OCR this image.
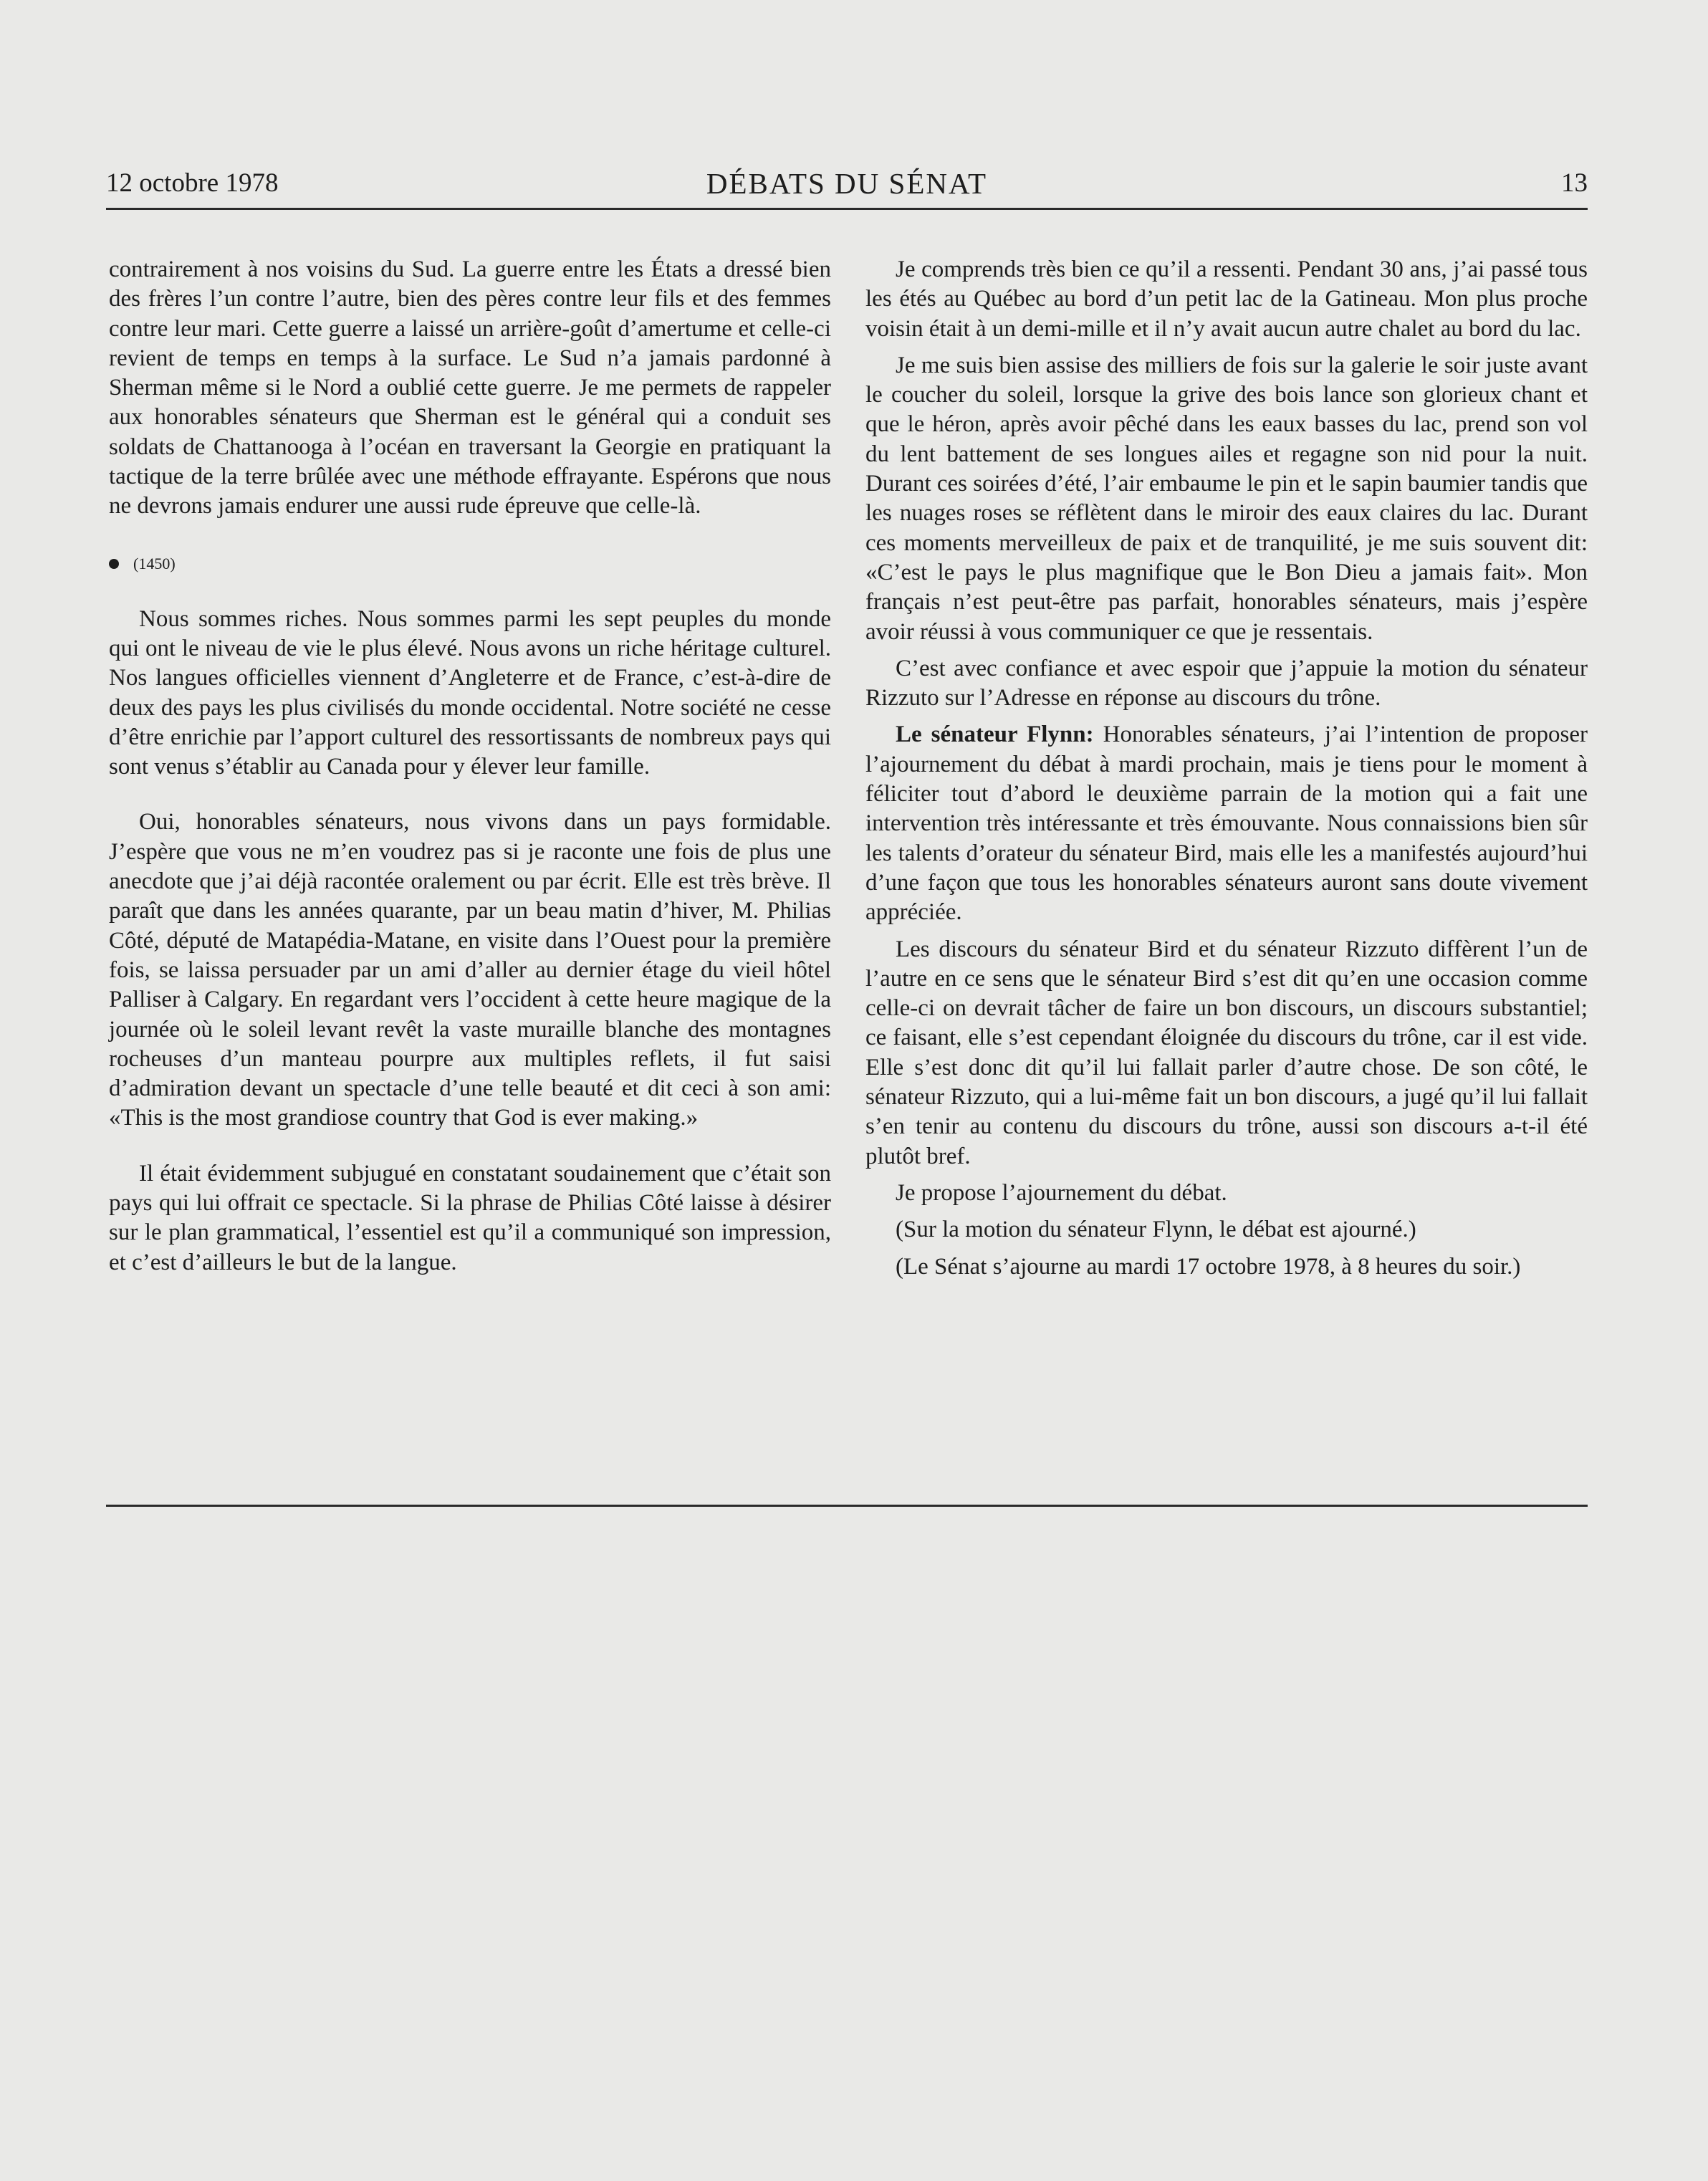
12 octobre 1978	DÉBATS DU SÉNAT	13

contrairement à nos voisins du Sud. La guerre entre les États a dressé bien des frères l’un contre l’autre, bien des pères contre leur fils et des femmes contre leur mari. Cette guerre a laissé un arrière-goût d’amertume et celle-ci revient de temps en temps à la surface. Le Sud n’a jamais pardonné à Sherman même si le Nord a oublié cette guerre. Je me permets de rappeler aux honorables sénateurs que Sherman est le général qui a conduit ses soldats de Chattanooga à l’océan en traversant la Georgie en pratiquant la tactique de la terre brûlée avec une méthode effrayante. Espérons que nous ne devrons jamais endurer une aussi rude épreuve que celle-là.

(1450)

Nous sommes riches. Nous sommes parmi les sept peuples du monde qui ont le niveau de vie le plus élevé. Nous avons un riche héritage culturel. Nos langues officielles viennent d’Angleterre et de France, c’est-à-dire de deux des pays les plus civilisés du monde occidental. Notre société ne cesse d’être enrichie par l’apport culturel des ressortissants de nombreux pays qui sont venus s’établir au Canada pour y élever leur famille.

Oui, honorables sénateurs, nous vivons dans un pays formidable. J’espère que vous ne m’en voudrez pas si je raconte une fois de plus une anecdote que j’ai déjà racontée oralement ou par écrit. Elle est très brève. Il paraît que dans les années quarante, par un beau matin d’hiver, M. Philias Côté, député de Matapédia-Matane, en visite dans l’Ouest pour la première fois, se laissa persuader par un ami d’aller au dernier étage du vieil hôtel Palliser à Calgary. En regardant vers l’occident à cette heure magique de la journée où le soleil levant revêt la vaste muraille blanche des montagnes rocheuses d’un manteau pourpre aux multiples reflets, il fut saisi d’admiration devant un spectacle d’une telle beauté et dit ceci à son ami: «This is the most grandiose country that God is ever making.»

Il était évidemment subjugué en constatant soudainement que c’était son pays qui lui offrait ce spectacle. Si la phrase de Philias Côté laisse à désirer sur le plan grammatical, l’essentiel est qu’il a communiqué son impression, et c’est d’ailleurs le but de la langue.

Je comprends très bien ce qu’il a ressenti. Pendant 30 ans, j’ai passé tous les étés au Québec au bord d’un petit lac de la Gatineau. Mon plus proche voisin était à un demi-mille et il n’y avait aucun autre chalet au bord du lac.

Je me suis bien assise des milliers de fois sur la galerie le soir juste avant le coucher du soleil, lorsque la grive des bois lance son glorieux chant et que le héron, après avoir pêché dans les eaux basses du lac, prend son vol du lent battement de ses longues ailes et regagne son nid pour la nuit. Durant ces soirées d’été, l’air embaume le pin et le sapin baumier tandis que les nuages roses se réflètent dans le miroir des eaux claires du lac. Durant ces moments merveilleux de paix et de tranquilité, je me suis souvent dit: «C’est le pays le plus magnifique que le Bon Dieu a jamais fait». Mon français n’est peut-être pas parfait, honorables sénateurs, mais j’espère avoir réussi à vous communiquer ce que je ressentais.

C’est avec confiance et avec espoir que j’appuie la motion du sénateur Rizzuto sur l’Adresse en réponse au discours du trône.

Le sénateur Flynn: Honorables sénateurs, j’ai l’intention de proposer l’ajournement du débat à mardi prochain, mais je tiens pour le moment à féliciter tout d’abord le deuxième parrain de la motion qui a fait une intervention très intéressante et très émouvante. Nous connaissions bien sûr les talents d’orateur du sénateur Bird, mais elle les a manifestés aujourd’hui d’une façon que tous les honorables sénateurs auront sans doute vivement appréciée.

Les discours du sénateur Bird et du sénateur Rizzuto diffèrent l’un de l’autre en ce sens que le sénateur Bird s’est dit qu’en une occasion comme celle-ci on devrait tâcher de faire un bon discours, un discours substantiel; ce faisant, elle s’est cependant éloignée du discours du trône, car il est vide. Elle s’est donc dit qu’il lui fallait parler d’autre chose. De son côté, le sénateur Rizzuto, qui a lui-même fait un bon discours, a jugé qu’il lui fallait s’en tenir au contenu du discours du trône, aussi son discours a-t-il été plutôt bref.

Je propose l’ajournement du débat.

(Sur la motion du sénateur Flynn, le débat est ajourné.)

(Le Sénat s’ajourne au mardi 17 octobre 1978, à 8 heures du soir.)
